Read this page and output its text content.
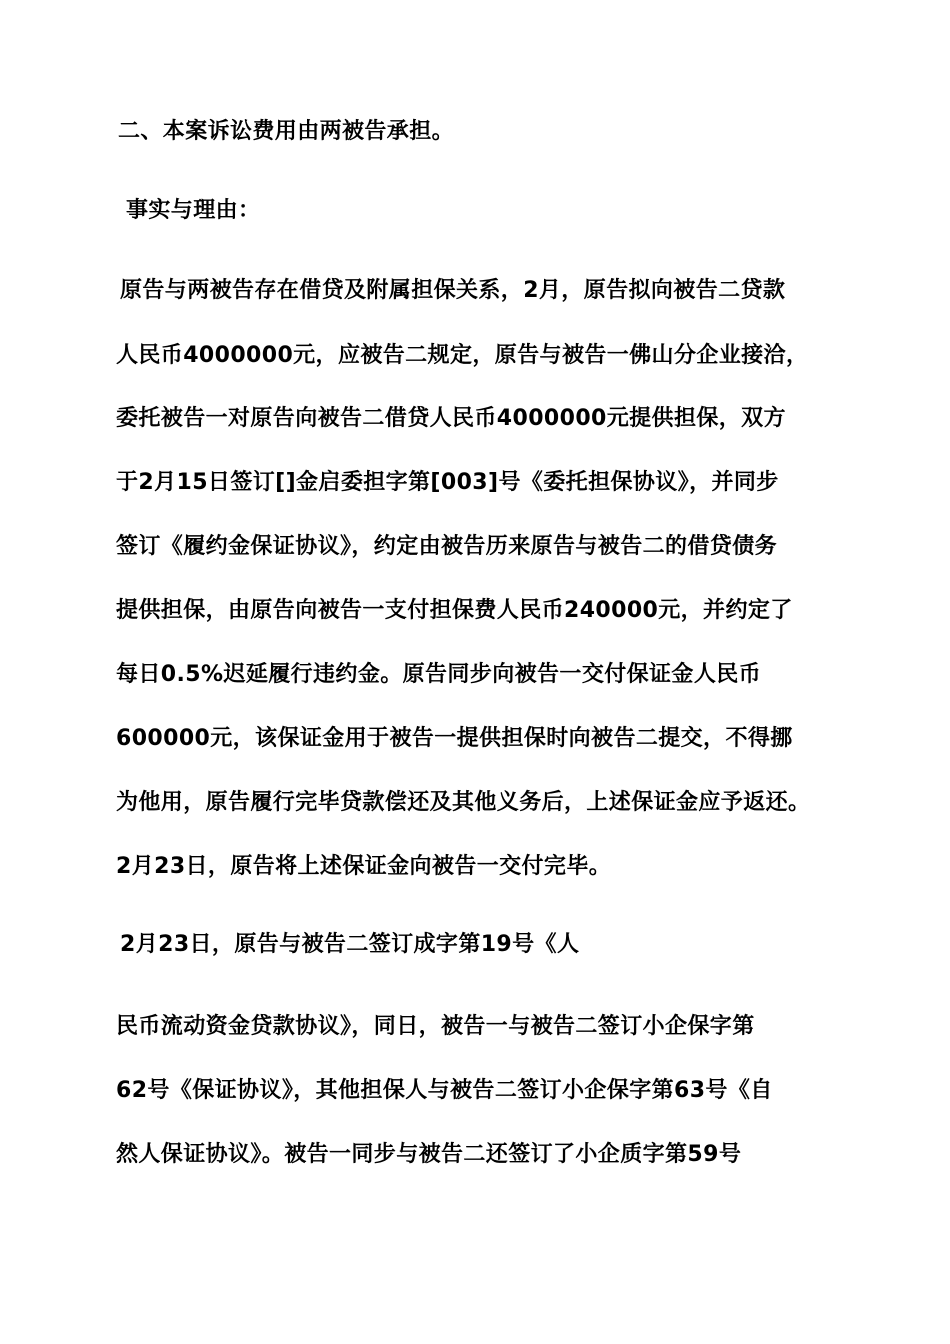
二、本案诉讼费用由两被告承担。
事实与理由：
原告与两被告存在借贷及附属担保关系，2月，原告拟向被告二贷款
人民币4000000元，应被告二规定，原告与被告一佛山分企业接洽，
委托被告一对原告向被告二借贷人民币4000000元提供担保，双方
于2月15日签订[]金启委担字第[003]号《委托担保协议》，并同步
签订《履约金保证协议》，约定由被告历来原告与被告二的借贷债务
提供担保，由原告向被告一支付担保费人民币240000元，并约定了
每日0.5%迟延履行违约金。原告同步向被告一交付保证金人民币
600000元，该保证金用于被告一提供担保时向被告二提交，不得挪
为他用，原告履行完毕贷款偿还及其他义务后，上述保证金应予返还。
2月23日，原告将上述保证金向被告一交付完毕。
2月23日，原告与被告二签订成字第19号《人
民币流动资金贷款协议》，同日，被告一与被告二签订小企保字第
62号《保证协议》，其他担保人与被告二签订小企保字第63号《自
然人保证协议》。被告一同步与被告二还签订了小企质字第59号
